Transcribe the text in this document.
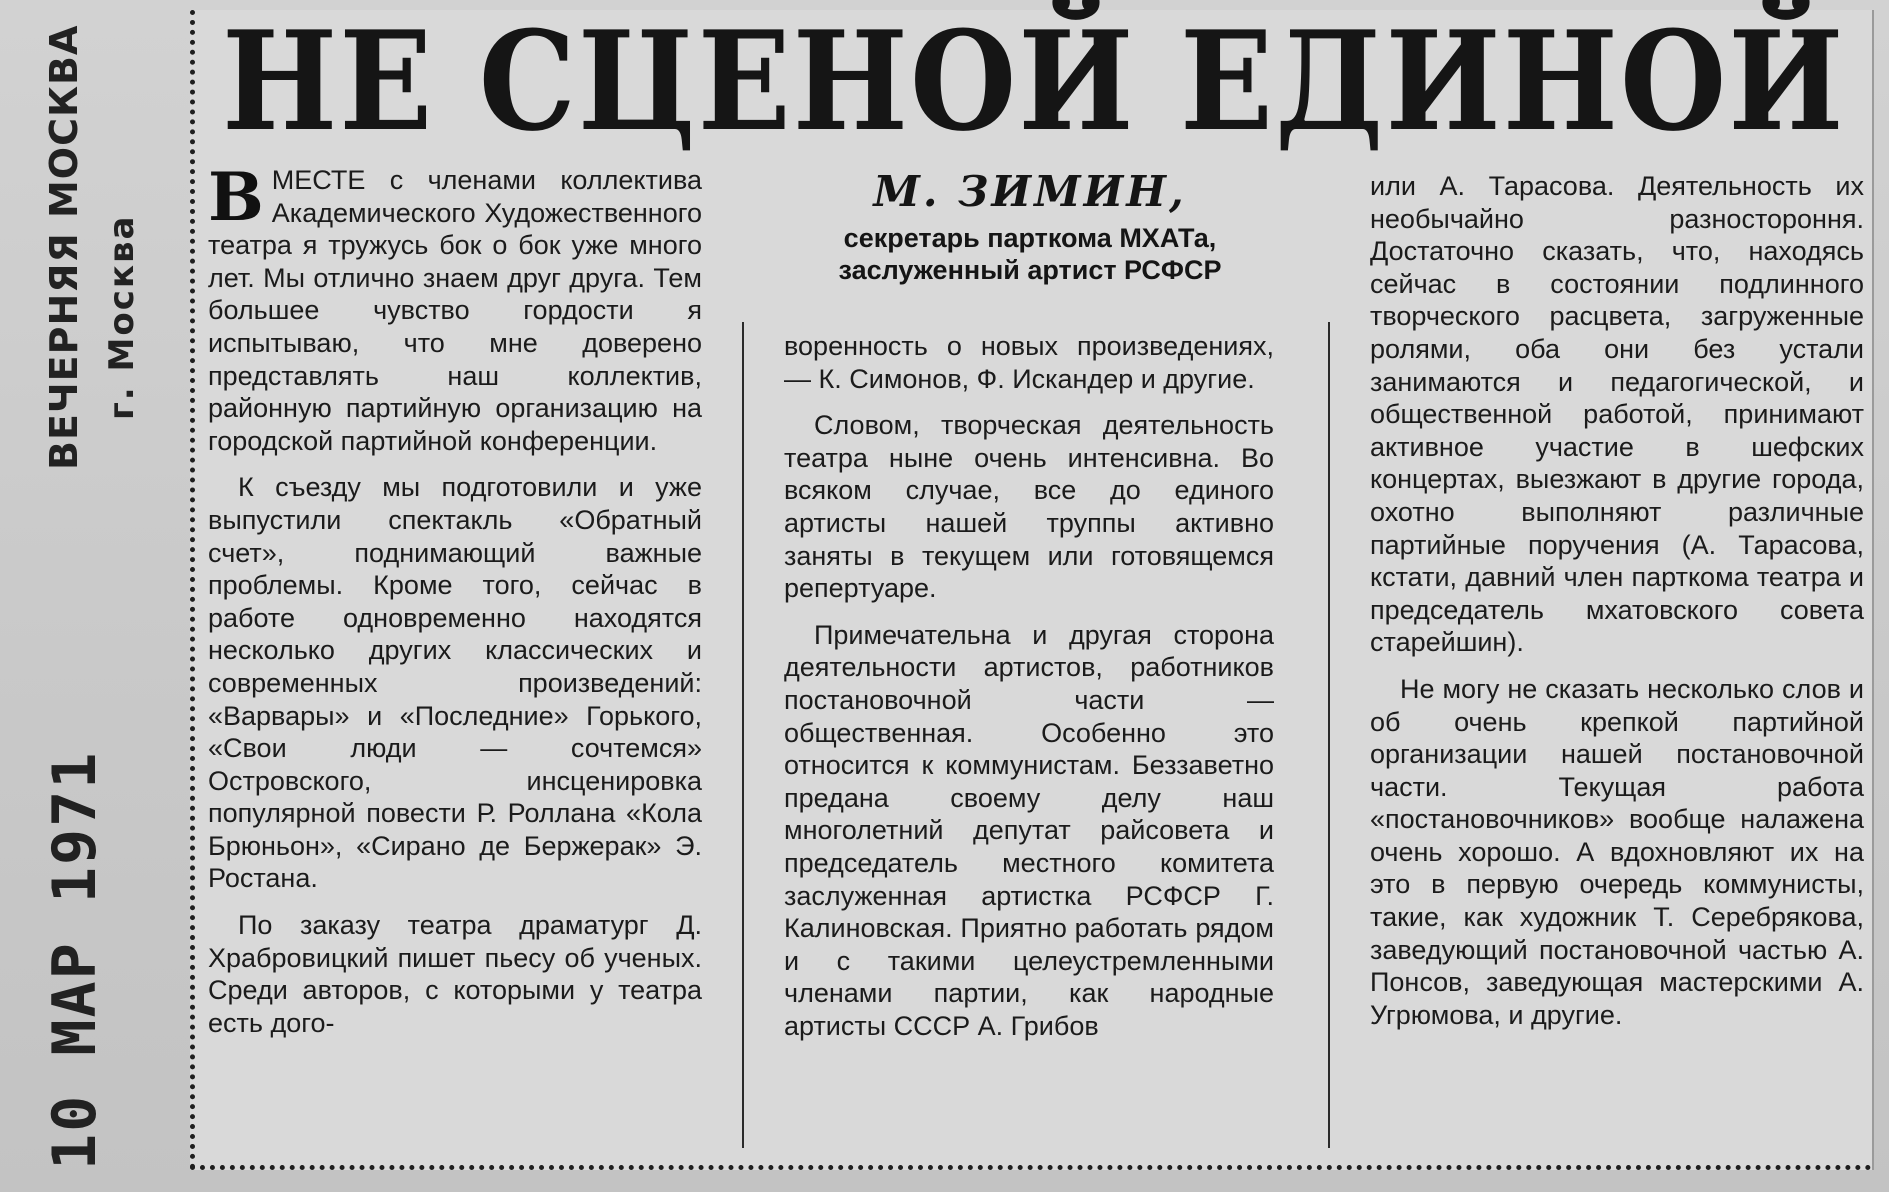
ВЕЧЕРНЯЯ МОСКВА г. Москва
10 МАР 1971
НЕ СЦЕНОЙ ЕДИНОЙ

ВМЕСТЕ с членами коллектива Академического Художественного театра я тружусь бок о бок уже много лет. Мы отлично знаем друг друга. Тем большее чувство гордости я испытываю, что мне доверено представлять наш коллектив, районную партийную организацию на городской партийной конференции.

К съезду мы подготовили и уже выпустили спектакль «Обратный счет», поднимающий важные проблемы. Кроме того, сейчас в работе одновременно находятся несколько других классических и современных произведений: «Варвары» и «Последние» Горького, «Свои люди — сочтемся» Островского, инсценировка популярной повести Р. Роллана «Кола Брюньон», «Сирано де Бержерак» Э. Ростана.

По заказу театра драматург Д. Храбровицкий пишет пьесу об ученых. Среди авторов, с которыми у театра есть дого-

М. ЗИМИН,
секретарь парткома МХАТа, заслуженный артист РСФСР

воренность о новых произведениях, — К. Симонов, Ф. Искандер и другие.

Словом, творческая деятельность театра ныне очень интенсивна. Во всяком случае, все до единого артисты нашей труппы активно заняты в текущем или готовящемся репертуаре.

Примечательна и другая сторона деятельности артистов, работников постановочной части — общественная. Особенно это относится к коммунистам. Беззаветно предана своему делу наш многолетний депутат райсовета и председатель местного комитета заслуженная артистка РСФСР Г. Калиновская. Приятно работать рядом и с такими целеустремленными членами партии, как народные артисты СССР А. Грибов

или А. Тарасова. Деятельность их необычайно разностороння. Достаточно сказать, что, находясь сейчас в состоянии подлинного творческого расцвета, загруженные ролями, оба они без устали занимаются и педагогической, и общественной работой, принимают активное участие в шефских концертах, выезжают в другие города, охотно выполняют различные партийные поручения (А. Тарасова, кстати, давний член парткома театра и председатель мхатовского совета старейшин).

Не могу не сказать несколько слов и об очень крепкой партийной организации нашей постановочной части. Текущая работа «постановочников» вообще налажена очень хорошо. А вдохновляют их на это в первую очередь коммунисты, такие, как художник Т. Серебрякова, заведующий постановочной частью А. Понсов, заведующая мастерскими А. Угрюмова, и другие.
